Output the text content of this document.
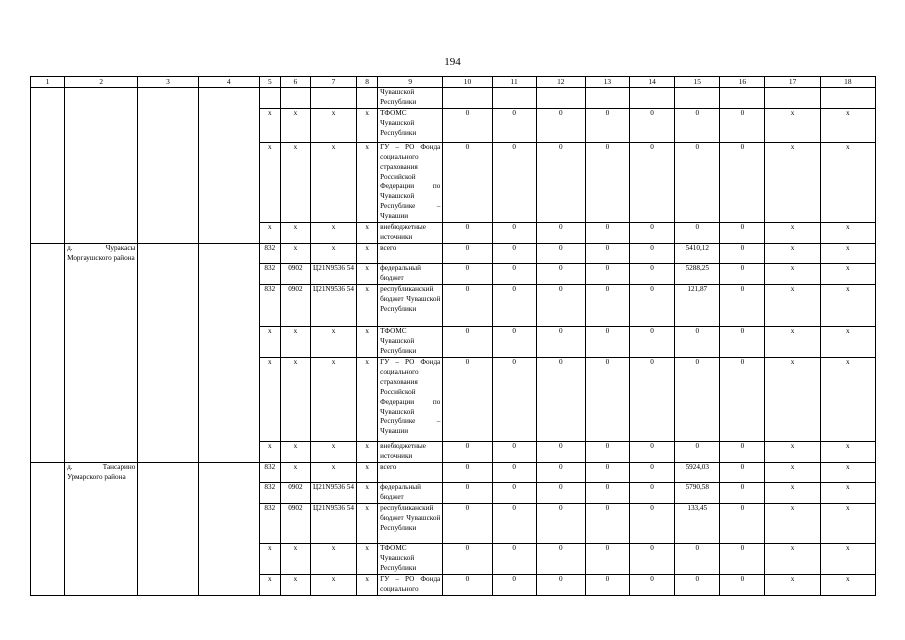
194
1	2	3	4	5	6	7	8	9	10	11	12	13	14	15	16	17	18
								Чувашской Республики									
				x	x	x	x	ТФОМС Чувашской Республики	0	0	0	0	0	0	0	x	x
				x	x	x	x	ГУ – РО Фонда социального страхования Российской Федерации по Чувашской Республике – Чувашии	0	0	0	0	0	0	0	x	x
				x	x	x	x	внебюджетные источники	0	0	0	0	0	0	0	x	x
	д. Чуракасы Моргаушского района			832	x	x	x	всего	0	0	0	0	0	5410,12	0	x	x
				832	0902	Ц21N9536 54	x	федеральный бюджет	0	0	0	0	0	5288,25	0	x	x
				832	0902	Ц21N9536 54	x	республиканский бюджет Чувашской Республики	0	0	0	0	0	121,87	0	x	x
				x	x	x	x	ТФОМС Чувашской Республики	0	0	0	0	0	0	0	x	x
				x	x	x	x	ГУ – РО Фонда социального страхования Российской Федерации по Чувашской Республике – Чувашии	0	0	0	0	0	0	0	x	x
				x	x	x	x	внебюджетные источники	0	0	0	0	0	0	0	x	x
	д. Тансарино Урмарского района			832	x	x	x	всего	0	0	0	0	0	5924,03	0	x	x
				832	0902	Ц21N9536 54	x	федеральный бюджет	0	0	0	0	0	5790,58	0	x	x
				832	0902	Ц21N9536 54	x	республиканский бюджет Чувашской Республики	0	0	0	0	0	133,45	0	x	x
				x	x	x	x	ТФОМС Чувашской Республики	0	0	0	0	0	0	0	x	x
				x	x	x	x	ГУ – РО Фонда социального	0	0	0	0	0	0	0	x	x
